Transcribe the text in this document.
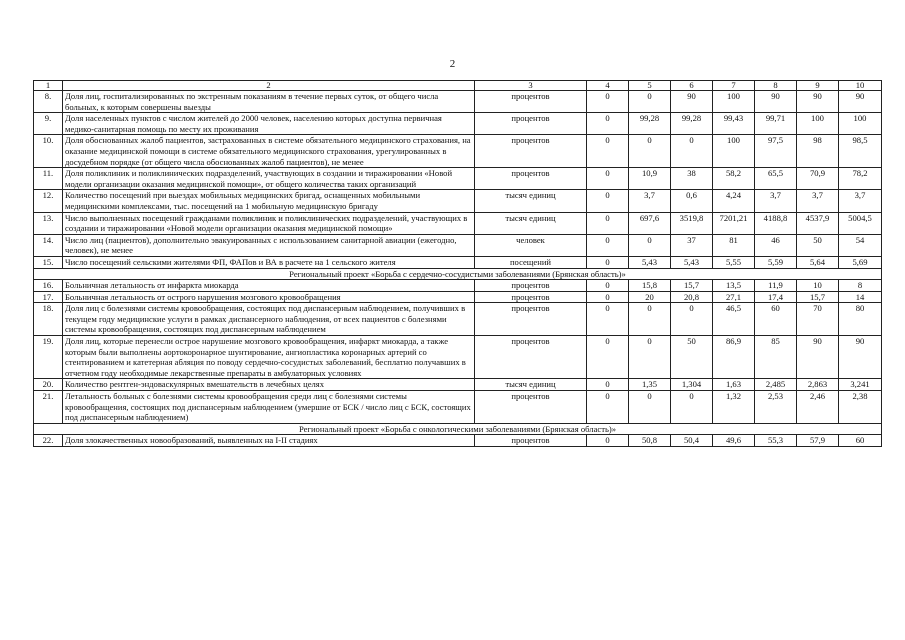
2
1	2	3	4	5	6	7	8	9	10
8.	Доля лиц, госпитализированных по экстренным показаниям в течение первых суток, от общего числа больных, к которым совершены выезды	процентов	0	0	90	100	90	90	90
9.	Доля населенных пунктов с числом жителей до 2000 человек, населению которых доступна первичная медико-санитарная помощь по месту их проживания	процентов	0	99,28	99,28	99,43	99,71	100	100
10.	Доля обоснованных жалоб пациентов, застрахованных в системе обязательного медицинского страхования, на оказание медицинской помощи в системе обязательного медицинского страхования, урегулированных в досудебном порядке (от общего числа обоснованных жалоб пациентов), не менее	процентов	0	0	0	100	97,5	98	98,5
11.	Доля поликлиник и поликлинических подразделений, участвующих в создании и тиражировании «Новой модели организации оказания медицинской помощи», от общего количества таких организаций	процентов	0	10,9	38	58,2	65,5	70,9	78,2
12.	Количество посещений при выездах мобильных медицинских бригад, оснащенных мобильными медицинскими комплексами, тыс. посещений на 1 мобильную медицинскую бригаду	тысяч единиц	0	3,7	0,6	4,24	3,7	3,7	3,7
13.	Число выполненных посещений гражданами поликлиник и поликлинических подразделений, участвующих в создании и тиражировании «Новой модели организации оказания медицинской помощи»	тысяч единиц	0	697,6	3519,8	7201,21	4188,8	4537,9	5004,5
14.	Число лиц (пациентов), дополнительно эвакуированных с использованием санитарной авиации (ежегодно, человек), не менее	человек	0	0	37	81	46	50	54
15.	Число посещений сельскими жителями ФП, ФАПов и ВА в расчете на 1 сельского жителя	посещений	0	5,43	5,43	5,55	5,59	5,64	5,69
Региональный проект «Борьба с сердечно-сосудистыми заболеваниями (Брянская область)»									
16.	Больничная летальность от инфаркта миокарда	процентов	0	15,8	15,7	13,5	11,9	10	8
17.	Больничная летальность от острого нарушения мозгового кровообращения	процентов	0	20	20,8	27,1	17,4	15,7	14
18.	Доля лиц с болезнями системы кровообращения, состоящих под диспансерным наблюдением, получивших в текущем году медицинские услуги в рамках диспансерного наблюдения, от всех пациентов с болезнями системы кровообращения, состоящих под диспансерным наблюдением	процентов	0	0	0	46,5	60	70	80
19.	Доля лиц, которые перенесли острое нарушение мозгового кровообращения, инфаркт миокарда, а также которым были выполнены аортокоронарное шунтирование, ангиопластика коронарных артерий со стентированием и катетерная абляция по поводу сердечно-сосудистых заболеваний, бесплатно получавших в отчетном году необходимые лекарственные препараты в амбулаторных условиях	процентов	0	0	50	86,9	85	90	90
20.	Количество рентген-эндоваскулярных вмешательств в лечебных целях	тысяч единиц	0	1,35	1,304	1,63	2,485	2,863	3,241
21.	Летальность больных с болезнями системы кровообращения среди лиц с болезнями системы кровообращения, состоящих под диспансерным наблюдением (умершие от БСК / число лиц с БСК, состоящих под диспансерным наблюдением)	процентов	0	0	0	1,32	2,53	2,46	2,38
Региональный проект «Борьба с онкологическими заболеваниями (Брянская область)»									
22.	Доля злокачественных новообразований, выявленных на I-II стадиях	процентов	0	50,8	50,4	49,6	55,3	57,9	60
